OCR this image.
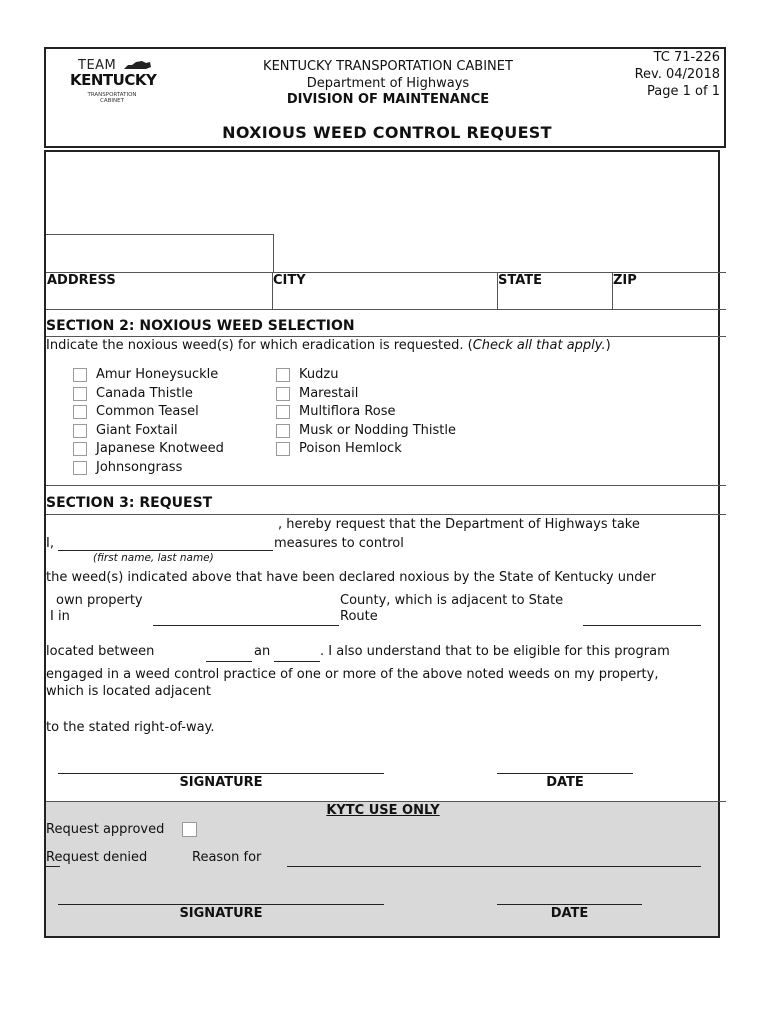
TEAM
KENTUCKY
TRANSPORTATION CABINET
KENTUCKY TRANSPORTATION CABINET
Department of Highways
DIVISION OF MAINTENANCE
TC 71-226
Rev. 04/2018
Page 1 of 1
NOXIOUS WEED CONTROL REQUEST
ADDRESS	CITY	STATE	ZIP
SECTION 2: NOXIOUS WEED SELECTION
Indicate the noxious weed(s) for which eradication is requested. (Check all that apply.)
Amur Honeysuckle
Canada Thistle
Common Teasel
Giant Foxtail
Japanese Knotweed
Johnsongrass
Kudzu
Marestail
Multiflora Rose
Musk or Nodding Thistle
Poison Hemlock
SECTION 3: REQUEST
, hereby request that the Department of Highways take
I,	measures to control
(first name, last name)
the weed(s) indicated above that have been declared noxious by the State of Kentucky under
own property
I in
County, which is adjacent to State
Route
located between	an	. I also understand that to be eligible for this program
engaged in a weed control practice of one or more of the above noted weeds on my property,
which is located adjacent
to the stated right-of-way.
SIGNATURE	DATE
KYTC USE ONLY
Request approved
Request denied	Reason for
SIGNATURE	DATE
